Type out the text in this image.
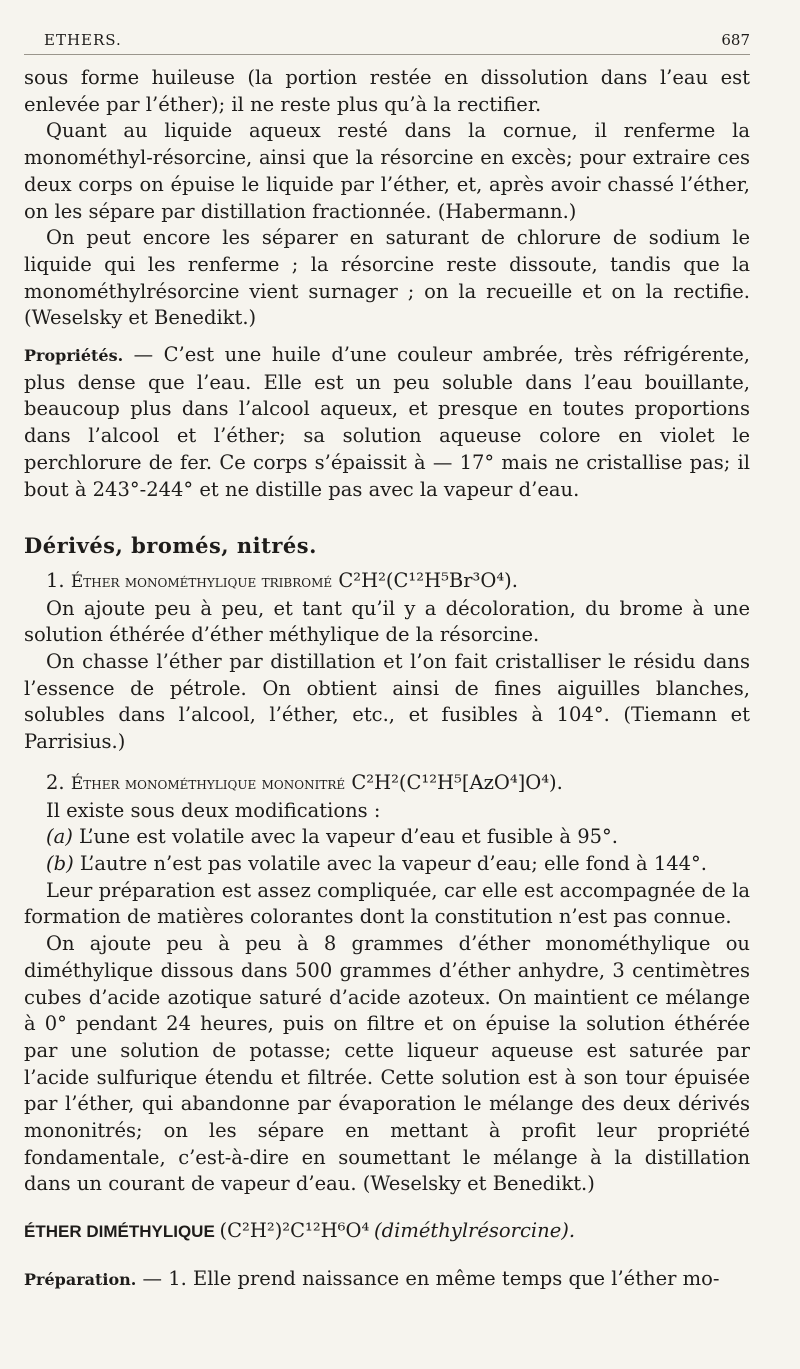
ETHERS.	687

sous forme huileuse (la portion restée en dissolution dans l’eau est enlevée par l’éther); il ne reste plus qu’à la rectifier.

Quant au liquide aqueux resté dans la cornue, il renferme la monométhyl-résorcine, ainsi que la résorcine en excès; pour extraire ces deux corps on épuise le liquide par l’éther, et, après avoir chassé l’éther, on les sépare par distillation fractionnée. (Habermann.)

On peut encore les séparer en saturant de chlorure de sodium le liquide qui les renferme ; la résorcine reste dissoute, tandis que la monométhylrésorcine vient surnager ; on la recueille et on la rectifie. (Weselsky et Benedikt.)

Propriétés. — C’est une huile d’une couleur ambrée, très réfrigérente, plus dense que l’eau. Elle est un peu soluble dans l’eau bouillante, beaucoup plus dans l’alcool aqueux, et presque en toutes proportions dans l’alcool et l’éther; sa solution aqueuse colore en violet le perchlorure de fer. Ce corps s’épaissit à — 17° mais ne cristallise pas; il bout à 243°-244° et ne distille pas avec la vapeur d’eau.

Dérivés, bromés, nitrés.
1. Éther monométhylique tribromé C²H²(C¹²H⁵Br³O⁴).

On ajoute peu à peu, et tant qu’il y a décoloration, du brome à une solution éthérée d’éther méthylique de la résorcine.

On chasse l’éther par distillation et l’on fait cristalliser le résidu dans l’essence de pétrole. On obtient ainsi de fines aiguilles blanches, solubles dans l’alcool, l’éther, etc., et fusibles à 104°. (Tiemann et Parrisius.)

2. Éther monométhylique mononitré C²H²(C¹²H⁵[AzO⁴]O⁴).

Il existe sous deux modifications :

(a) L’une est volatile avec la vapeur d’eau et fusible à 95°.

(b) L’autre n’est pas volatile avec la vapeur d’eau; elle fond à 144°.

Leur préparation est assez compliquée, car elle est accompagnée de la formation de matières colorantes dont la constitution n’est pas connue.

On ajoute peu à peu à 8 grammes d’éther monométhylique ou diméthylique dissous dans 500 grammes d’éther anhydre, 3 centimètres cubes d’acide azotique saturé d’acide azoteux. On maintient ce mélange à 0° pendant 24 heures, puis on filtre et on épuise la solution éthérée par une solution de potasse; cette liqueur aqueuse est saturée par l’acide sulfurique étendu et filtrée. Cette solution est à son tour épuisée par l’éther, qui abandonne par évaporation le mélange des deux dérivés mononitrés; on les sépare en mettant à profit leur propriété fondamentale, c’est-à-dire en soumettant le mélange à la distillation dans un courant de vapeur d’eau. (Weselsky et Benedikt.)

ÉTHER DIMÉTHYLIQUE (C²H²)²C¹²H⁶O⁴ (diméthylrésorcine).

Préparation. — 1. Elle prend naissance en même temps que l’éther mo-
